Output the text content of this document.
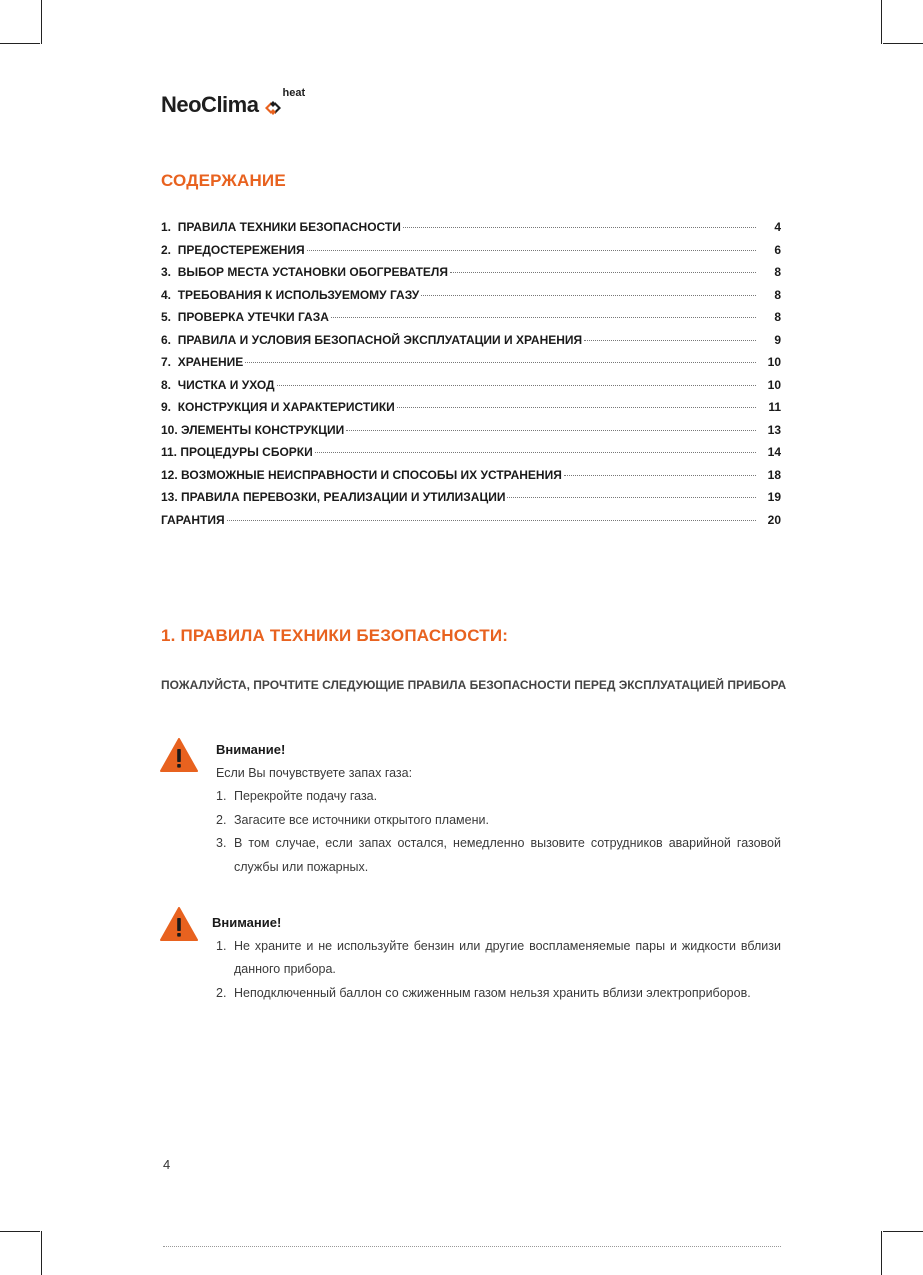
NeoClima heat
СОДЕРЖАНИЕ
1. ПРАВИЛА ТЕХНИКИ БЕЗОПАСНОСТИ	4
2. ПРЕДОСТЕРЕЖЕНИЯ	6
3. ВЫБОР МЕСТА УСТАНОВКИ ОБОГРЕВАТЕЛЯ	8
4. ТРЕБОВАНИЯ К ИСПОЛЬЗУЕМОМУ ГАЗУ	8
5. ПРОВЕРКА УТЕЧКИ ГАЗА	8
6. ПРАВИЛА И УСЛОВИЯ БЕЗОПАСНОЙ ЭКСПЛУАТАЦИИ И ХРАНЕНИЯ	9
7. ХРАНЕНИЕ	10
8. ЧИСТКА И УХОД	10
9. КОНСТРУКЦИЯ И ХАРАКТЕРИСТИКИ	11
10. ЭЛЕМЕНТЫ КОНСТРУКЦИИ	13
11. ПРОЦЕДУРЫ СБОРКИ	14
12. ВОЗМОЖНЫЕ НЕИСПРАВНОСТИ И СПОСОБЫ ИХ УСТРАНЕНИЯ	18
13. ПРАВИЛА ПЕРЕВОЗКИ, РЕАЛИЗАЦИИ И УТИЛИЗАЦИИ	19
ГАРАНТИЯ	20
1. ПРАВИЛА ТЕХНИКИ БЕЗОПАСНОСТИ:

ПОЖАЛУЙСТА, ПРОЧТИТЕ СЛЕДУЮЩИЕ ПРАВИЛА БЕЗОПАСНОСТИ ПЕРЕД ЭКСПЛУАТАЦИЕЙ ПРИБОРА

Внимание!
Если Вы почувствуете запах газа:
1. Перекройте подачу газа.
2. Загасите все источники открытого пламени.
3. В том случае, если запах остался, немедленно вызовите сотрудников аварийной газовой службы или пожарных.
Внимание!
1. Не храните и не используйте бензин или другие воспламеняемые пары и жидкости вблизи данного прибора.
2. Неподключенный баллон со сжиженным газом нельзя хранить вблизи электроприборов.
4
